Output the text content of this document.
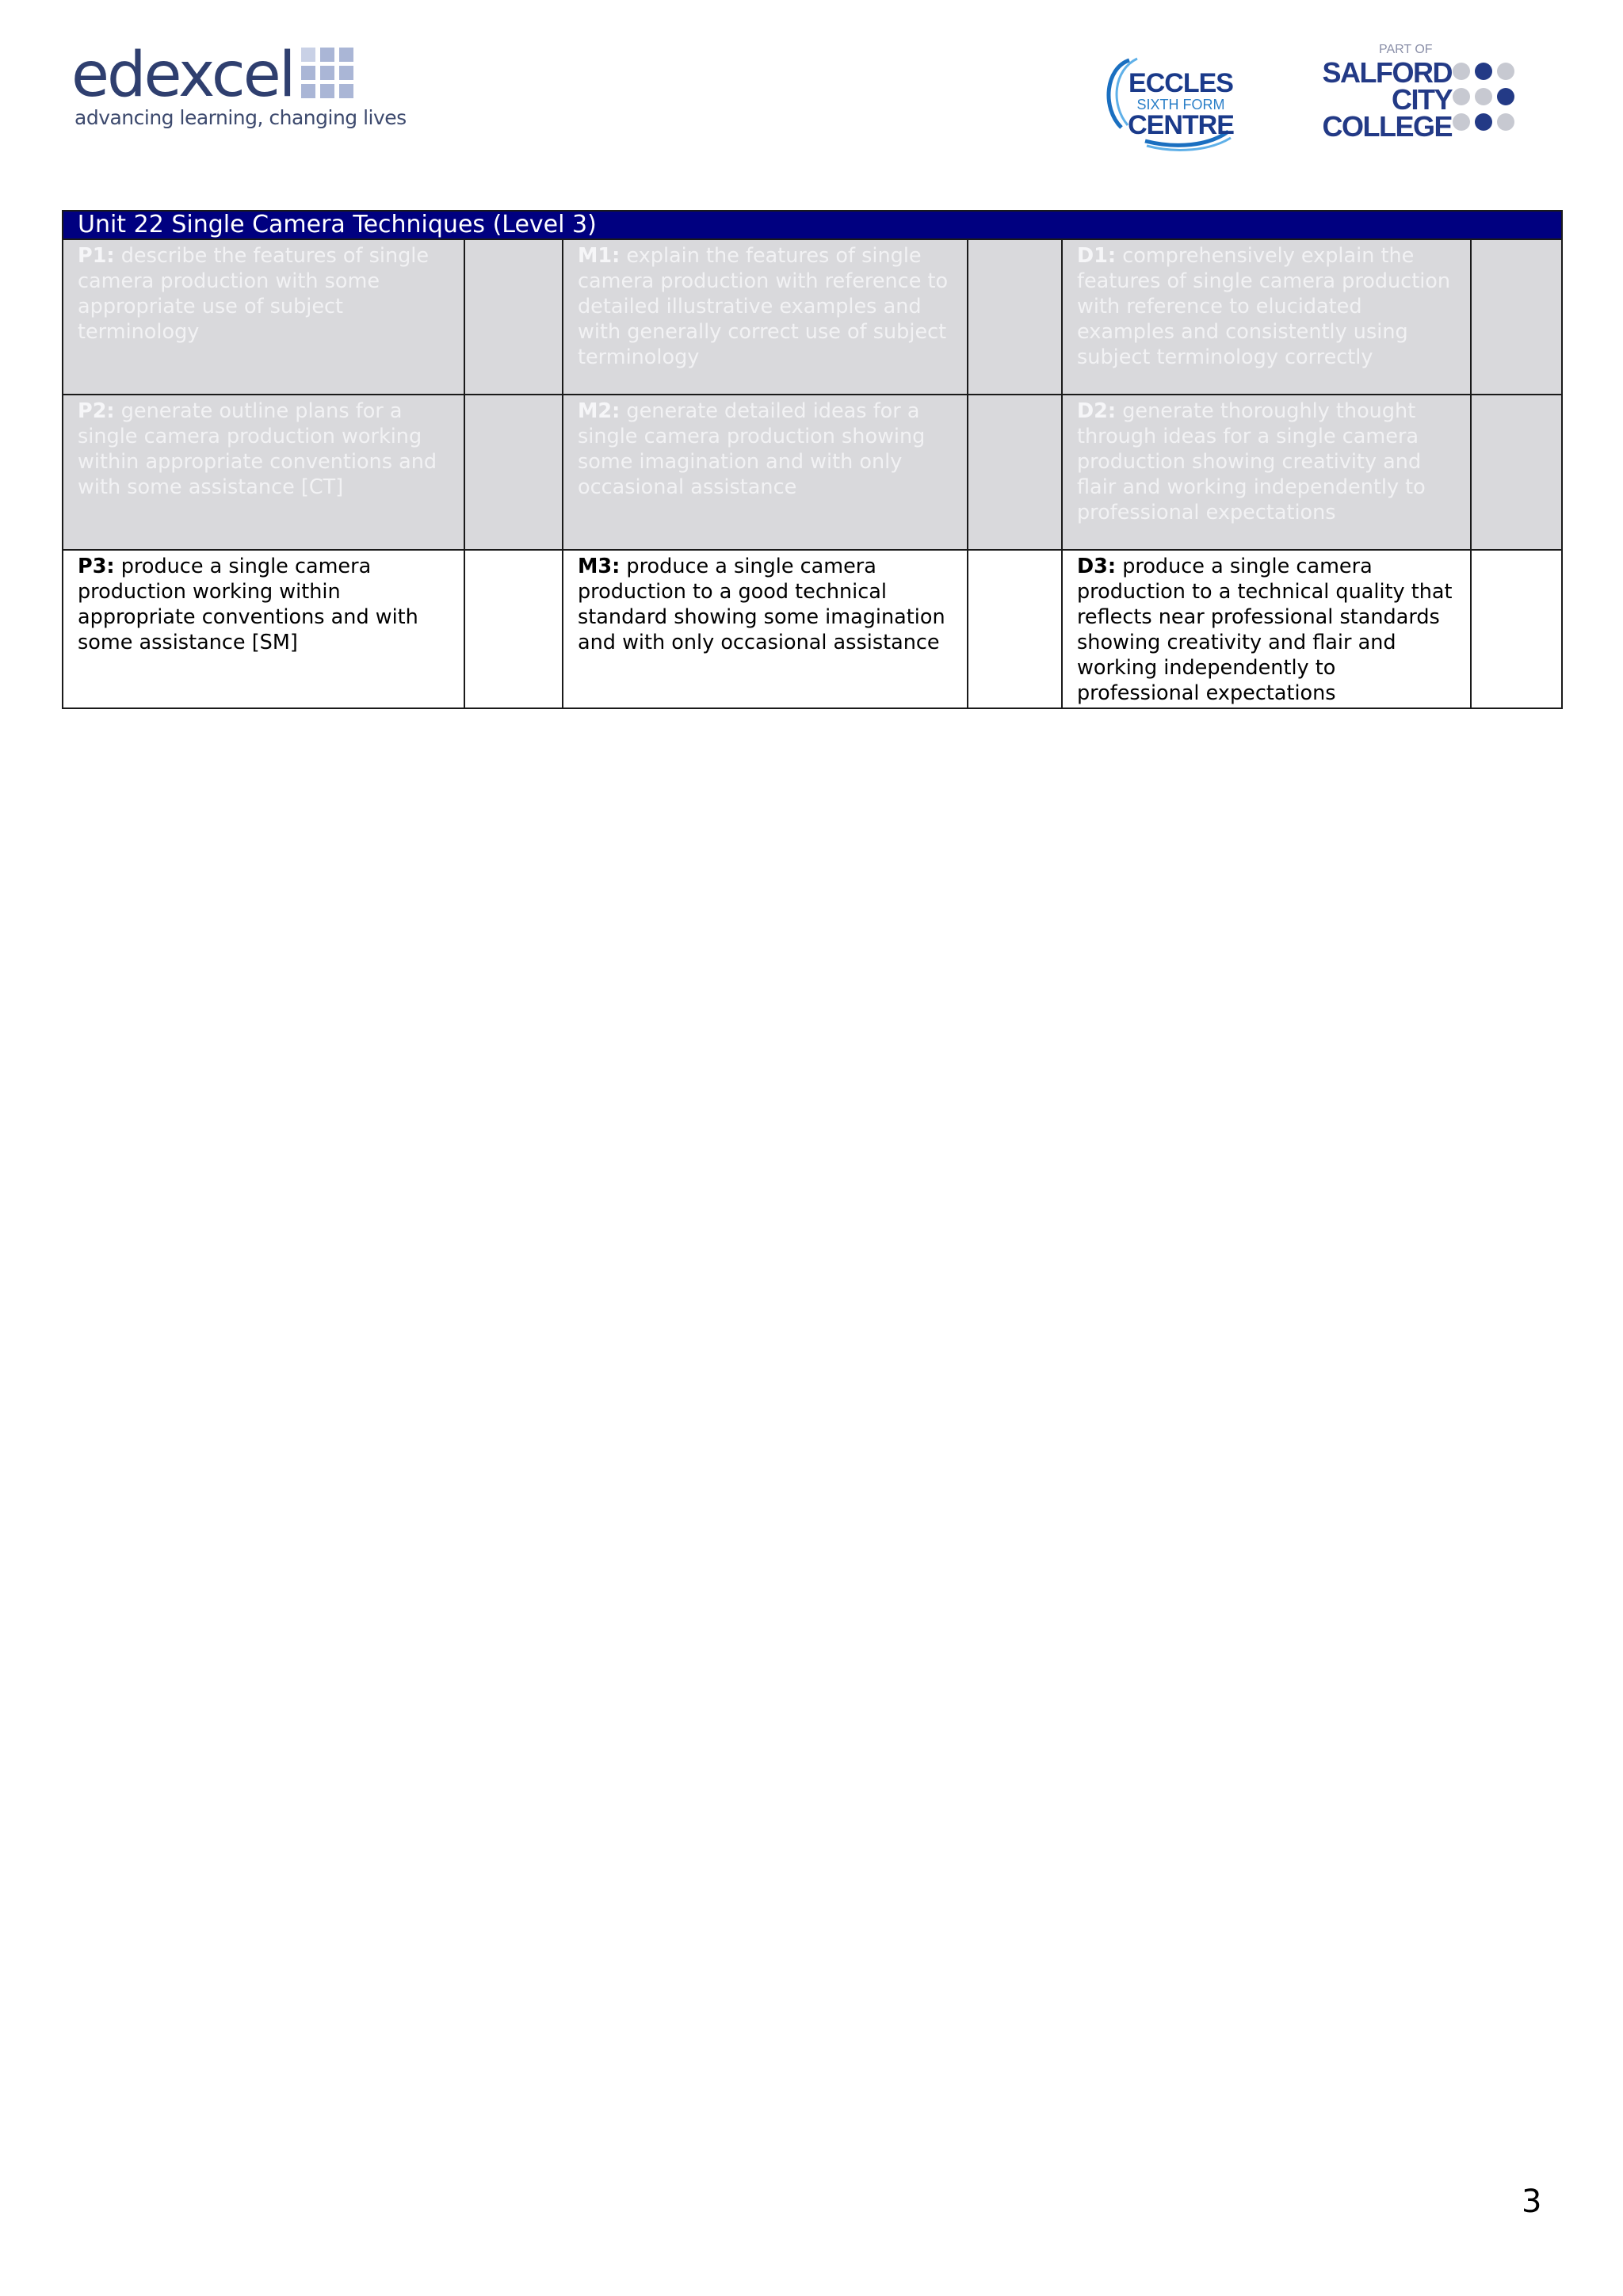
edexcel
advancing learning, changing lives
ECCLES
SIXTH FORM
CENTRE
PART OF
SALFORD
CITY
COLLEGE
Unit 22 Single Camera Techniques (Level 3)					
P1: describe the features of single camera production with some appropriate use of subject terminology		M1: explain the features of single camera production with reference to detailed illustrative examples and with generally correct use of subject terminology		D1: comprehensively explain the features of single camera production with reference to elucidated examples and consistently using subject terminology correctly	
P2: generate outline plans for a single camera production working within appropriate conventions and with some assistance [CT]		M2: generate detailed ideas for a single camera production showing some imagination and with only occasional assistance		D2: generate thoroughly thought through ideas for a single camera production showing creativity and flair and working independently to professional expectations	
P3: produce a single camera production working within appropriate conventions and with some assistance [SM]		M3: produce a single camera production to a good technical standard showing some imagination and with only occasional assistance		D3: produce a single camera production to a technical quality that reflects near professional standards showing creativity and flair and working independently to professional expectations	
3
